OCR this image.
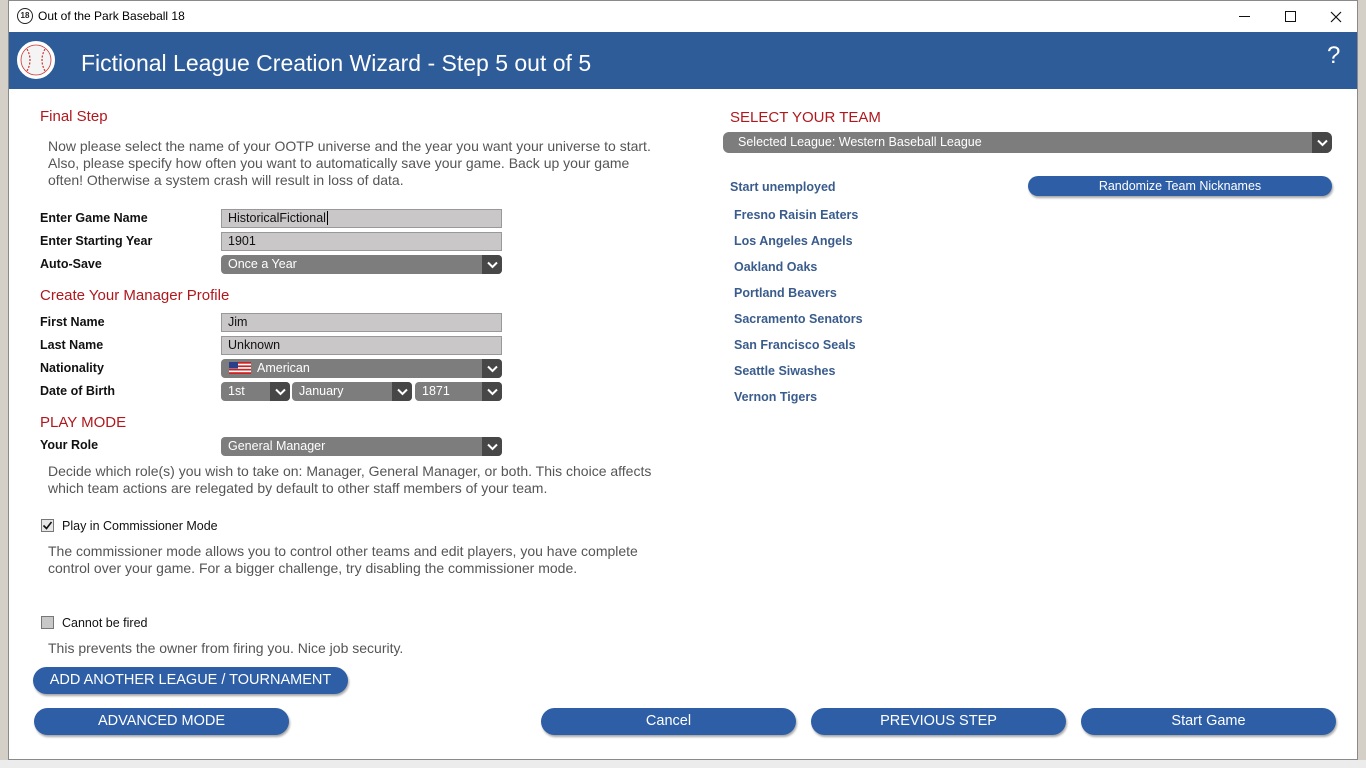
18 Out of the Park Baseball 18
Fictional League Creation Wizard - Step 5 out of 5	?
Final Step
Now please select the name of your OOTP universe and the year you want your universe to start. Also, please specify how often you want to automatically save your game. Back up your game often! Otherwise a system crash will result in loss of data.
Enter Game Name	HistoricalFictional
Enter Starting Year	1901
Auto-Save	Once a Year
Create Your Manager Profile
First Name	Jim
Last Name	Unknown
Nationality	American
Date of Birth	1st	January	1871
PLAY MODE
Your Role	General Manager
Decide which role(s) you wish to take on: Manager, General Manager, or both. This choice affects which team actions are relegated by default to other staff members of your team.
Play in Commissioner Mode
The commissioner mode allows you to control other teams and edit players, you have complete control over your game. For a bigger challenge, try disabling the commissioner mode.
Cannot be fired
This prevents the owner from firing you. Nice job security.
SELECT YOUR TEAM
Selected League: Western Baseball League
Start unemployed	Randomize Team Nicknames
Fresno Raisin Eaters
Los Angeles Angels
Oakland Oaks
Portland Beavers
Sacramento Senators
San Francisco Seals
Seattle Siwashes
Vernon Tigers
ADD ANOTHER LEAGUE / TOURNAMENT
ADVANCED MODE	Cancel	PREVIOUS STEP	Start Game
